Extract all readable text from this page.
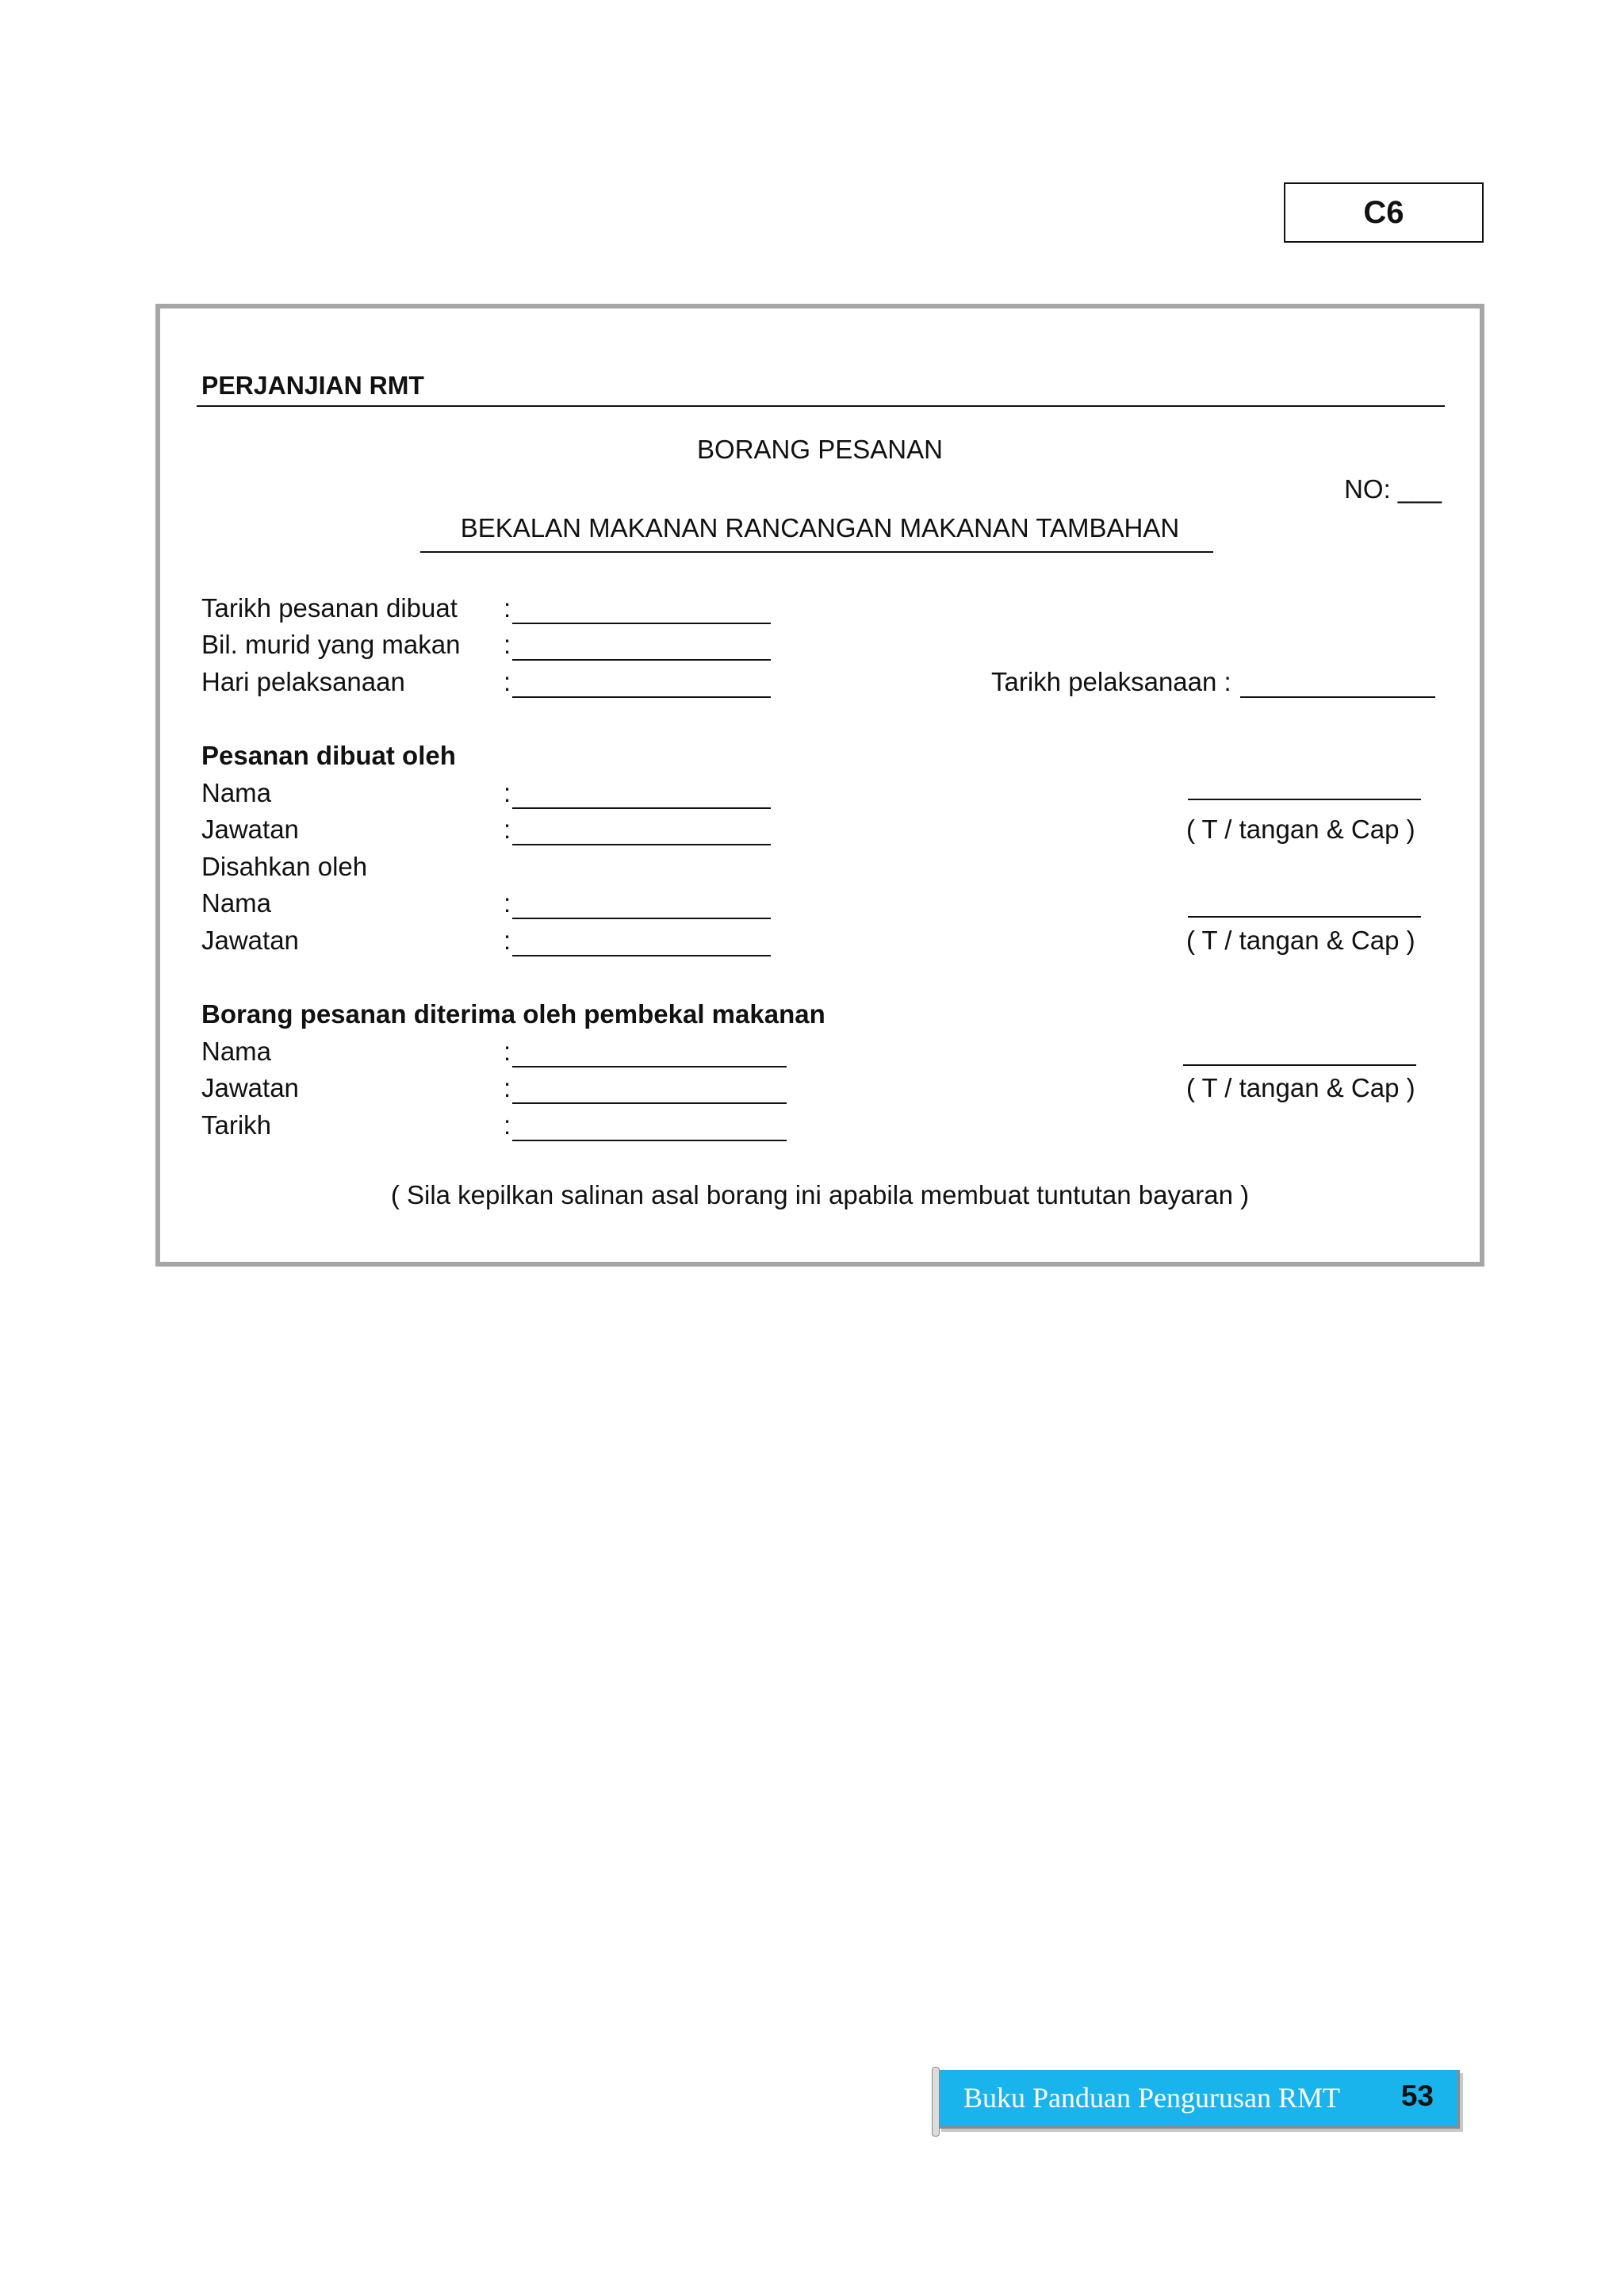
C6
PERJANJIAN RMT
BORANG PESANAN
NO: ___
BEKALAN MAKANAN RANCANGAN MAKANAN TAMBAHAN
Tarikh pesanan dibuat :
Bil. murid yang makan :
Hari pelaksanaan	:	Tarikh pelaksanaan :
Pesanan dibuat oleh
Nama	:
Jawatan	:	( T / tangan & Cap )
Disahkan oleh
Nama	:
Jawatan	:	( T / tangan & Cap )
Borang pesanan diterima oleh pembekal makanan
Nama	:
Jawatan	:	( T / tangan & Cap )
Tarikh	:
( Sila kepilkan salinan asal borang ini apabila membuat tuntutan bayaran )
Buku Panduan Pengurusan RMT 53
